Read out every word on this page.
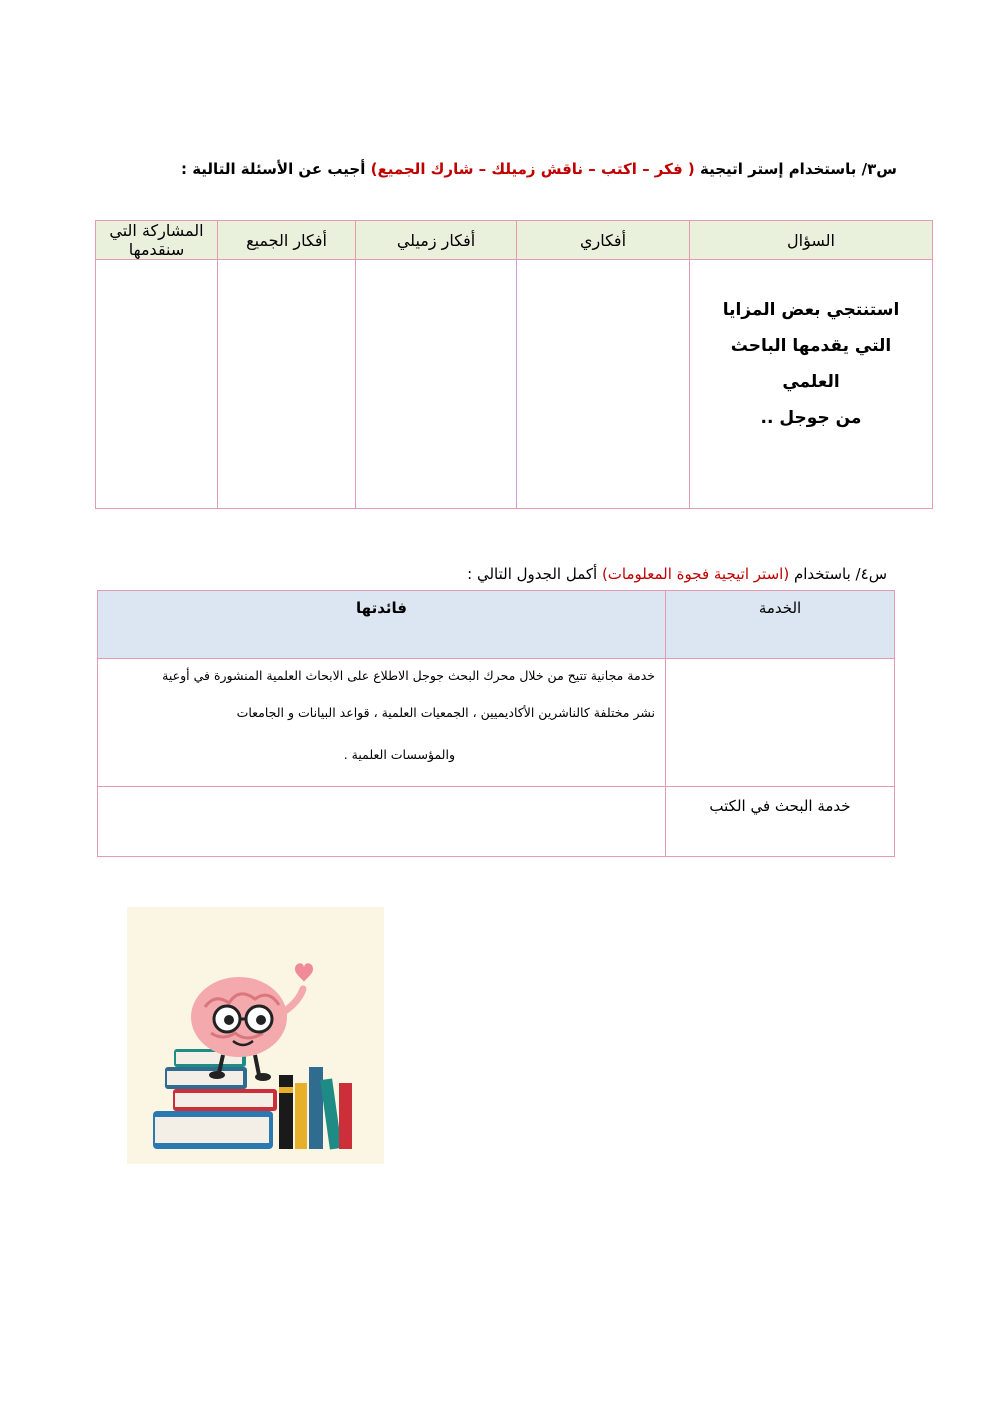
س٣/ باستخدام إستر اتيجية ( فكر – اكتب – ناقش زميلك – شارك الجميع) أجيب عن الأسئلة التالية :
السؤال	أفكاري	أفكار زميلي	أفكار الجميع	المشاركة التي سنقدمها

استنتجي بعض المزايا
التي يقدمها الباحث
العلمي
من جوجل ..				

س٤/ باستخدام (استر اتيجية فجوة المعلومات) أكمل الجدول التالي :
الخدمة	فائدتها

	خدمة مجانية تتيح من خلال محرك البحث جوجل الاطلاع على الابحاث العلمية المنشورة في أوعية
نشر مختلفة كالناشرين الأكاديميين ، الجمعيات العلمية ، قواعد البيانات و الجامعات
والمؤسسات العلمية .

خدمة البحث في الكتب	
